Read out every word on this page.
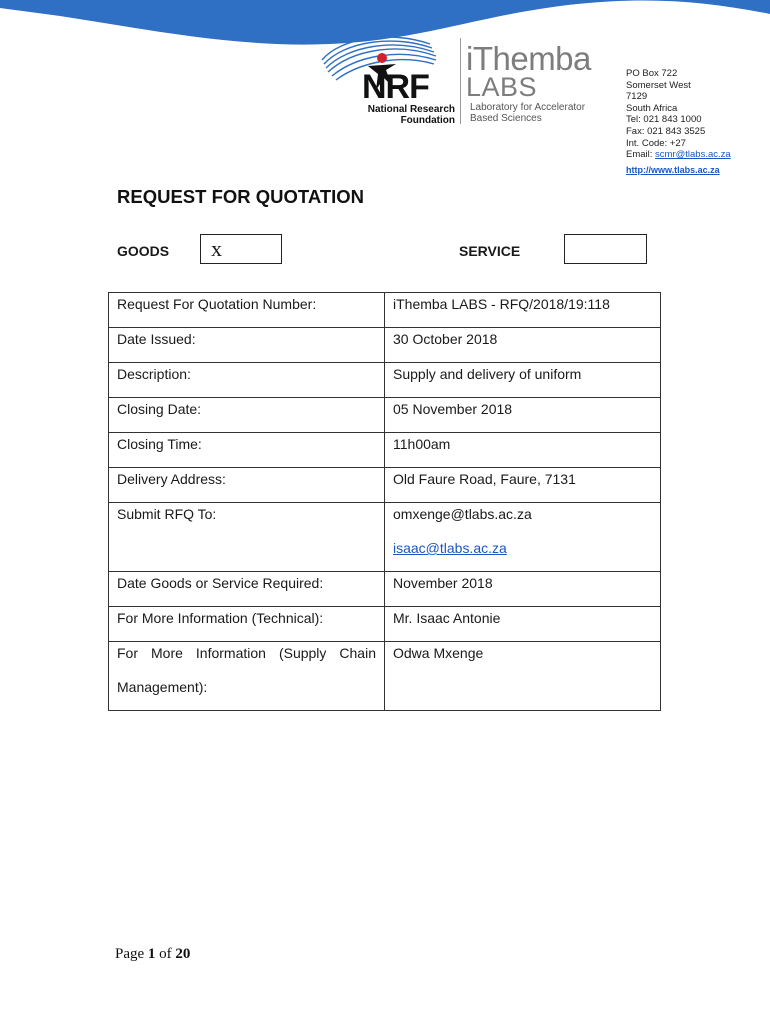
NRF
National Research
Foundation
iThemba
LABS
Laboratory for Accelerator
Based Sciences
PO Box 722
Somerset West
7129
South Africa
Tel: 021 843 1000
Fax: 021 843 3525
Int. Code: +27
Email: scmr@tlabs.ac.za
http://www.tlabs.ac.za
REQUEST FOR QUOTATION
GOODS x	SERVICE
Request For Quotation Number:	iThemba LABS - RFQ/2018/19:118
Date Issued:	30 October 2018
Description:	Supply and delivery of uniform
Closing Date:	05 November 2018
Closing Time:	11h00am
Delivery Address:	Old Faure Road, Faure, 7131
Submit RFQ To:	omxenge@tlabs.ac.za
isaac@tlabs.ac.za

Date Goods or Service Required:	November 2018
For More Information (Technical):	Mr. Isaac Antonie

For More Information (Supply Chain
Management):	Odwa Mxenge
Page 1 of 20
